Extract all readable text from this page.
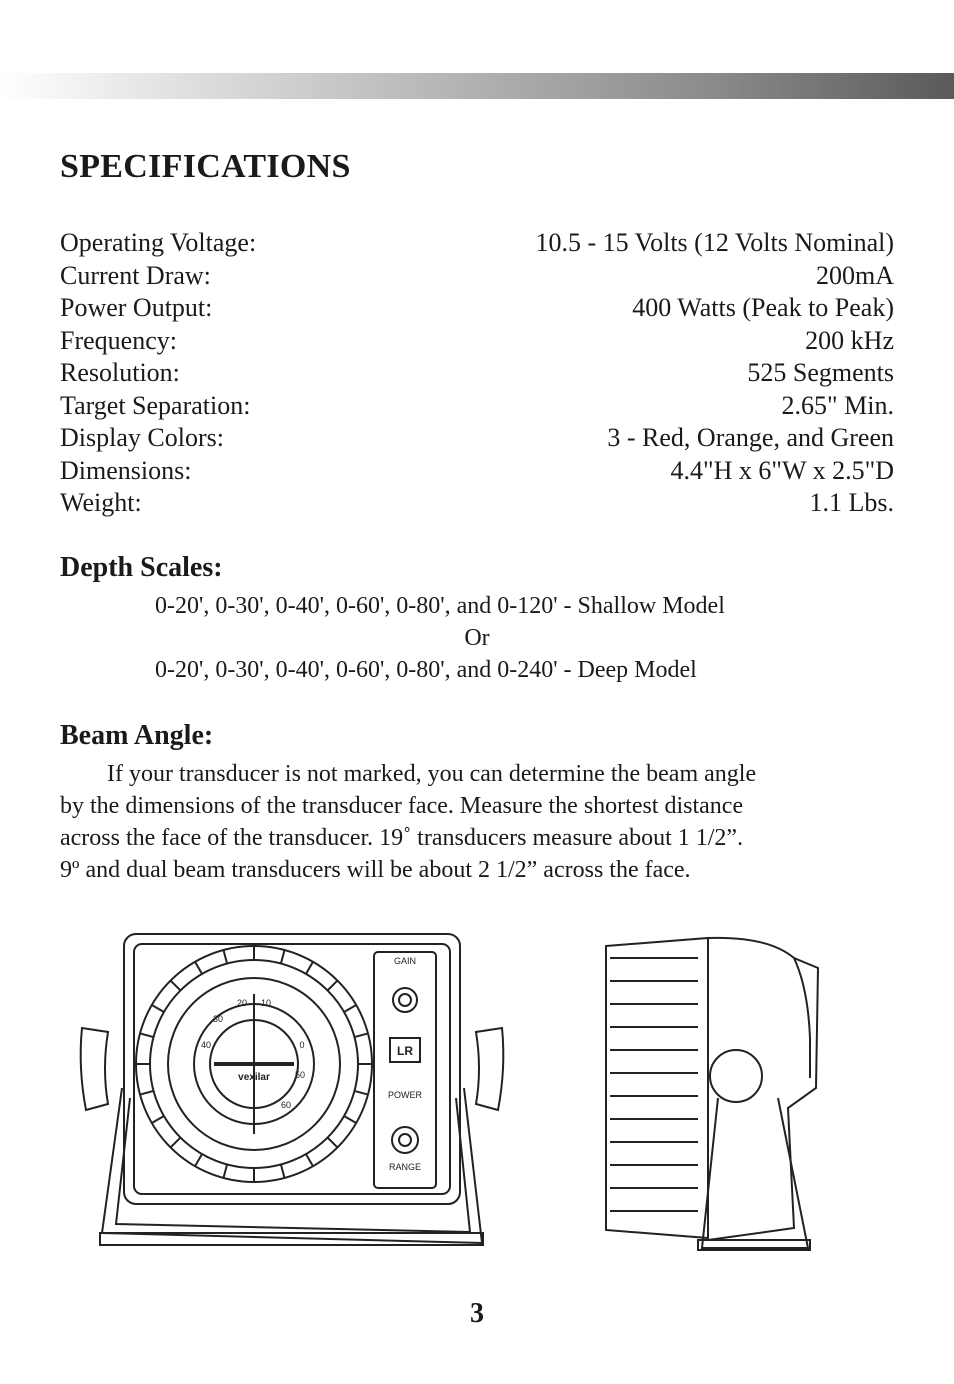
SPECIFICATIONS
Operating Voltage:	10.5 - 15 Volts (12 Volts Nominal)
Current Draw:	200mA
Power Output:	400 Watts (Peak to Peak)
Frequency:	200 kHz
Resolution:	525 Segments
Target Separation:	2.65" Min.
Display Colors:	3 - Red, Orange, and Green
Dimensions:	4.4"H x 6"W x 2.5"D
Weight:	1.1 Lbs.
Depth Scales:
0-20', 0-30', 0-40', 0-60', 0-80', and 0-120' - Shallow Model
Or
0-20', 0-30', 0-40', 0-60', 0-80', and 0-240' - Deep Model
Beam Angle:
If your transducer is not marked, you can determine the beam angle
by the dimensions of the transducer face. Measure the shortest distance
across the face of the transducer. 19˚ transducers measure about 1 1/2”.
9º and dual beam transducers will be about 2 1/2” across the face.
GAIN
LR
POWER
RANGE
vexilar
20
30
40
10
50
0
60
3
